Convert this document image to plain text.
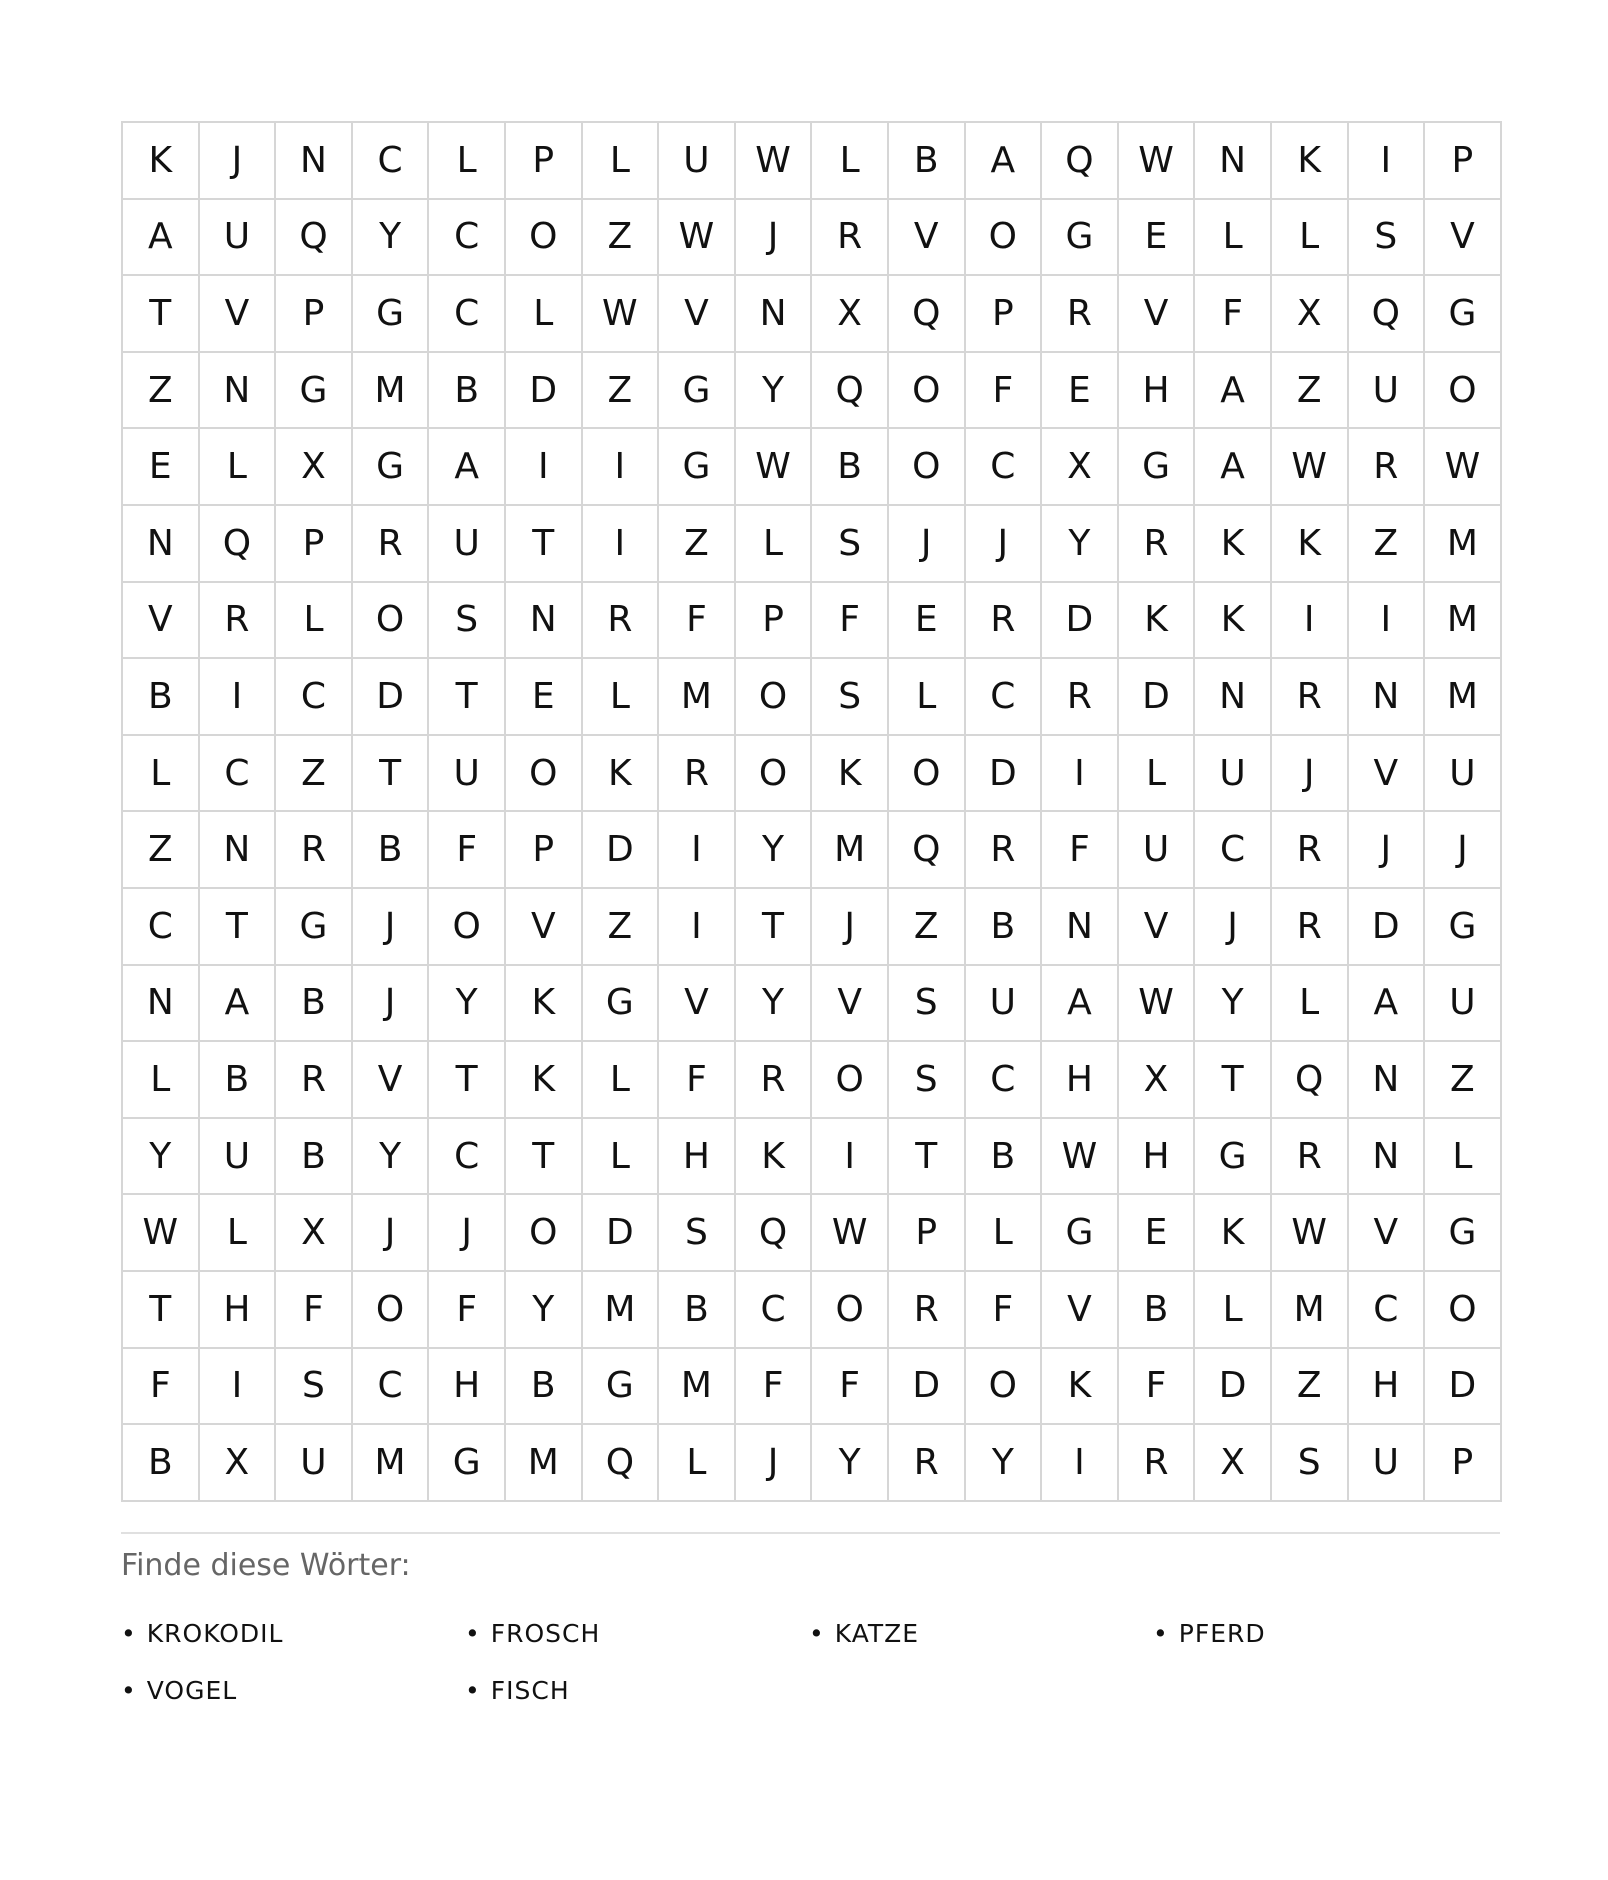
K	J	N	C	L	P	L	U	W	L	B	A	Q	W	N	K	I	P
A	U	Q	Y	C	O	Z	W	J	R	V	O	G	E	L	L	S	V
T	V	P	G	C	L	W	V	N	X	Q	P	R	V	F	X	Q	G
Z	N	G	M	B	D	Z	G	Y	Q	O	F	E	H	A	Z	U	O
E	L	X	G	A	I	I	G	W	B	O	C	X	G	A	W	R	W
N	Q	P	R	U	T	I	Z	L	S	J	J	Y	R	K	K	Z	M
V	R	L	O	S	N	R	F	P	F	E	R	D	K	K	I	I	M
B	I	C	D	T	E	L	M	O	S	L	C	R	D	N	R	N	M
L	C	Z	T	U	O	K	R	O	K	O	D	I	L	U	J	V	U
Z	N	R	B	F	P	D	I	Y	M	Q	R	F	U	C	R	J	J
C	T	G	J	O	V	Z	I	T	J	Z	B	N	V	J	R	D	G
N	A	B	J	Y	K	G	V	Y	V	S	U	A	W	Y	L	A	U
L	B	R	V	T	K	L	F	R	O	S	C	H	X	T	Q	N	Z
Y	U	B	Y	C	T	L	H	K	I	T	B	W	H	G	R	N	L
W	L	X	J	J	O	D	S	Q	W	P	L	G	E	K	W	V	G
T	H	F	O	F	Y	M	B	C	O	R	F	V	B	L	M	C	O
F	I	S	C	H	B	G	M	F	F	D	O	K	F	D	Z	H	D
B	X	U	M	G	M	Q	L	J	Y	R	Y	I	R	X	S	U	P
Finde diese Wörter:
• KROKODIL	• FROSCH	• KATZE	• PFERD
• VOGEL	• FISCH
